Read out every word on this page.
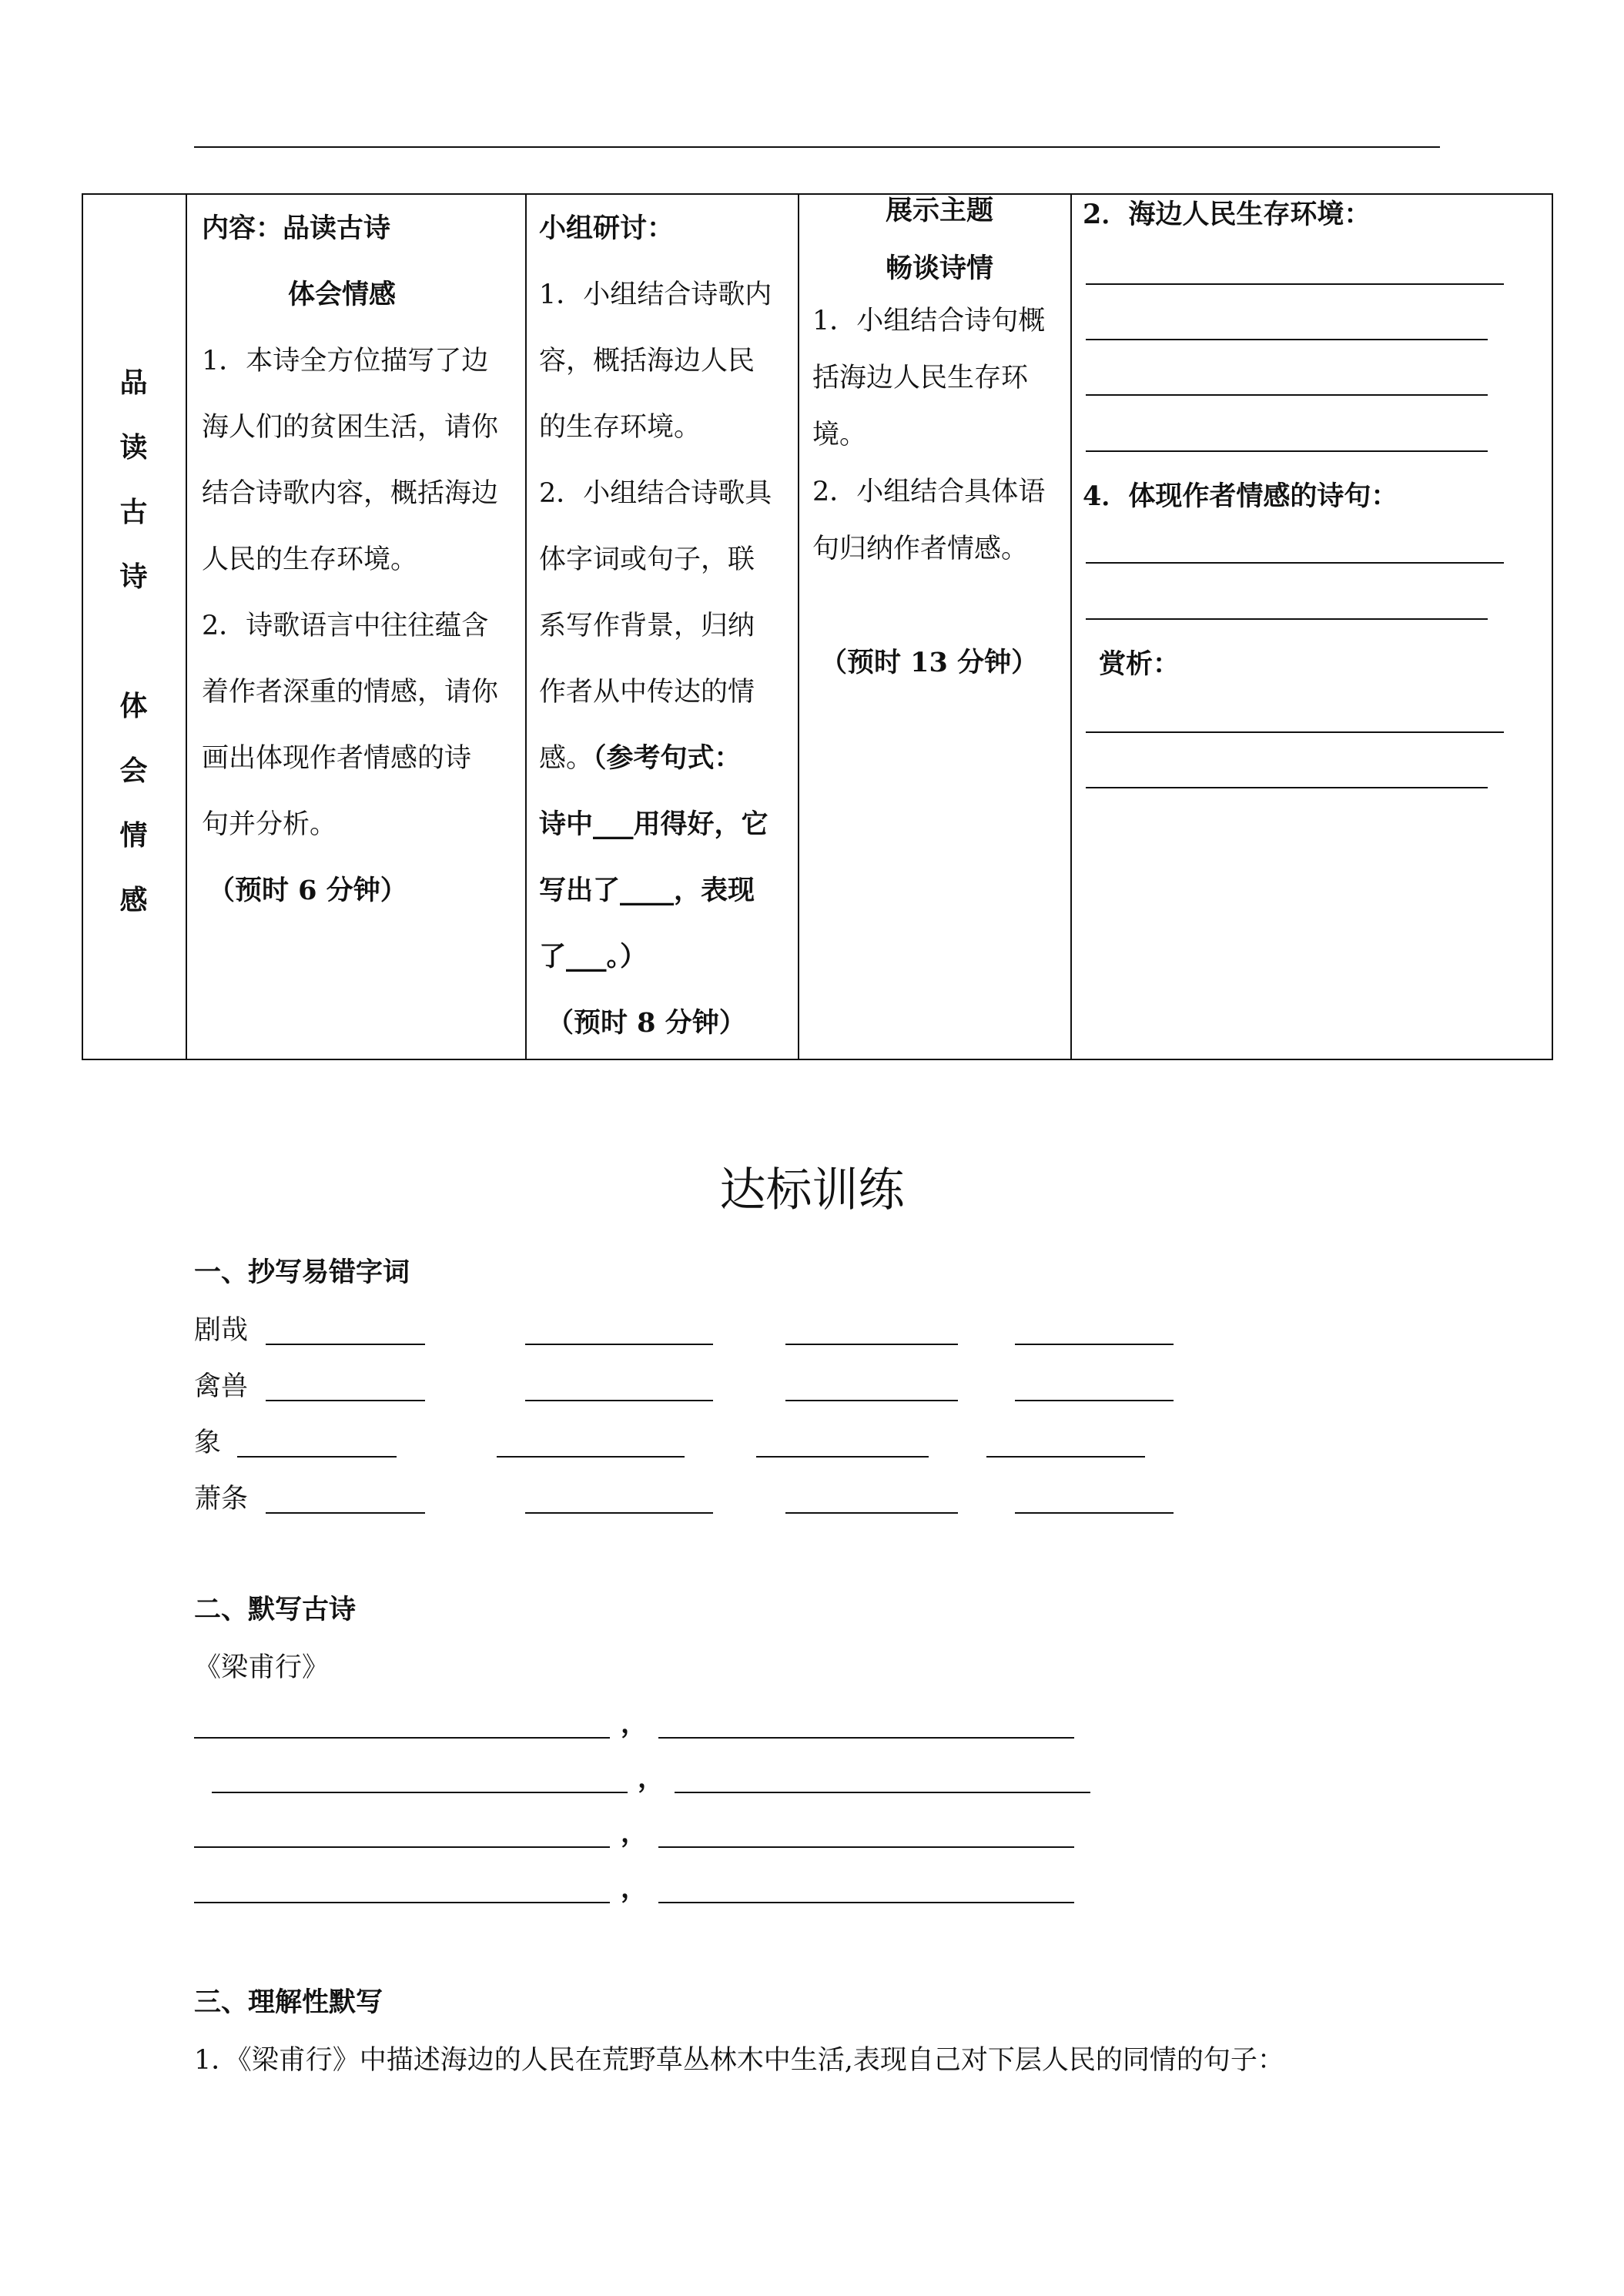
品
读
古
诗
体
会
情
感
内容：品读古诗
体会情感
1．本诗全方位描写了边
海人们的贫困生活，请你
结合诗歌内容，概括海边
人民的生存环境。
2．诗歌语言中往往蕴含
着作者深重的情感，请你
画出体现作者情感的诗
句并分析。
（预时 6 分钟）
小组研讨：
1．小组结合诗歌内
容，概括海边人民
的生存环境。
2．小组结合诗歌具
体字词或句子，联
系写作背景，归纳
作者从中传达的情
感。（参考句式：
诗中___用得好，它
写出了____，表现
了___。）
（预时 8 分钟）
展示主题
畅谈诗情
1．小组结合诗句概
括海边人民生存环
境。
2．小组结合具体语
句归纳作者情感。
（预时 13 分钟）
2．海边人民生存环境：
4．体现作者情感的诗句：
赏析：
达标训练
一、抄写易错字词
剧哉
禽兽
象
萧条
二、默写古诗
《梁甫行》
，
，
，
，
三、理解性默写
1．《梁甫行》中描述海边的人民在荒野草丛林木中生活,表现自己对下层人民的同情的句子：
